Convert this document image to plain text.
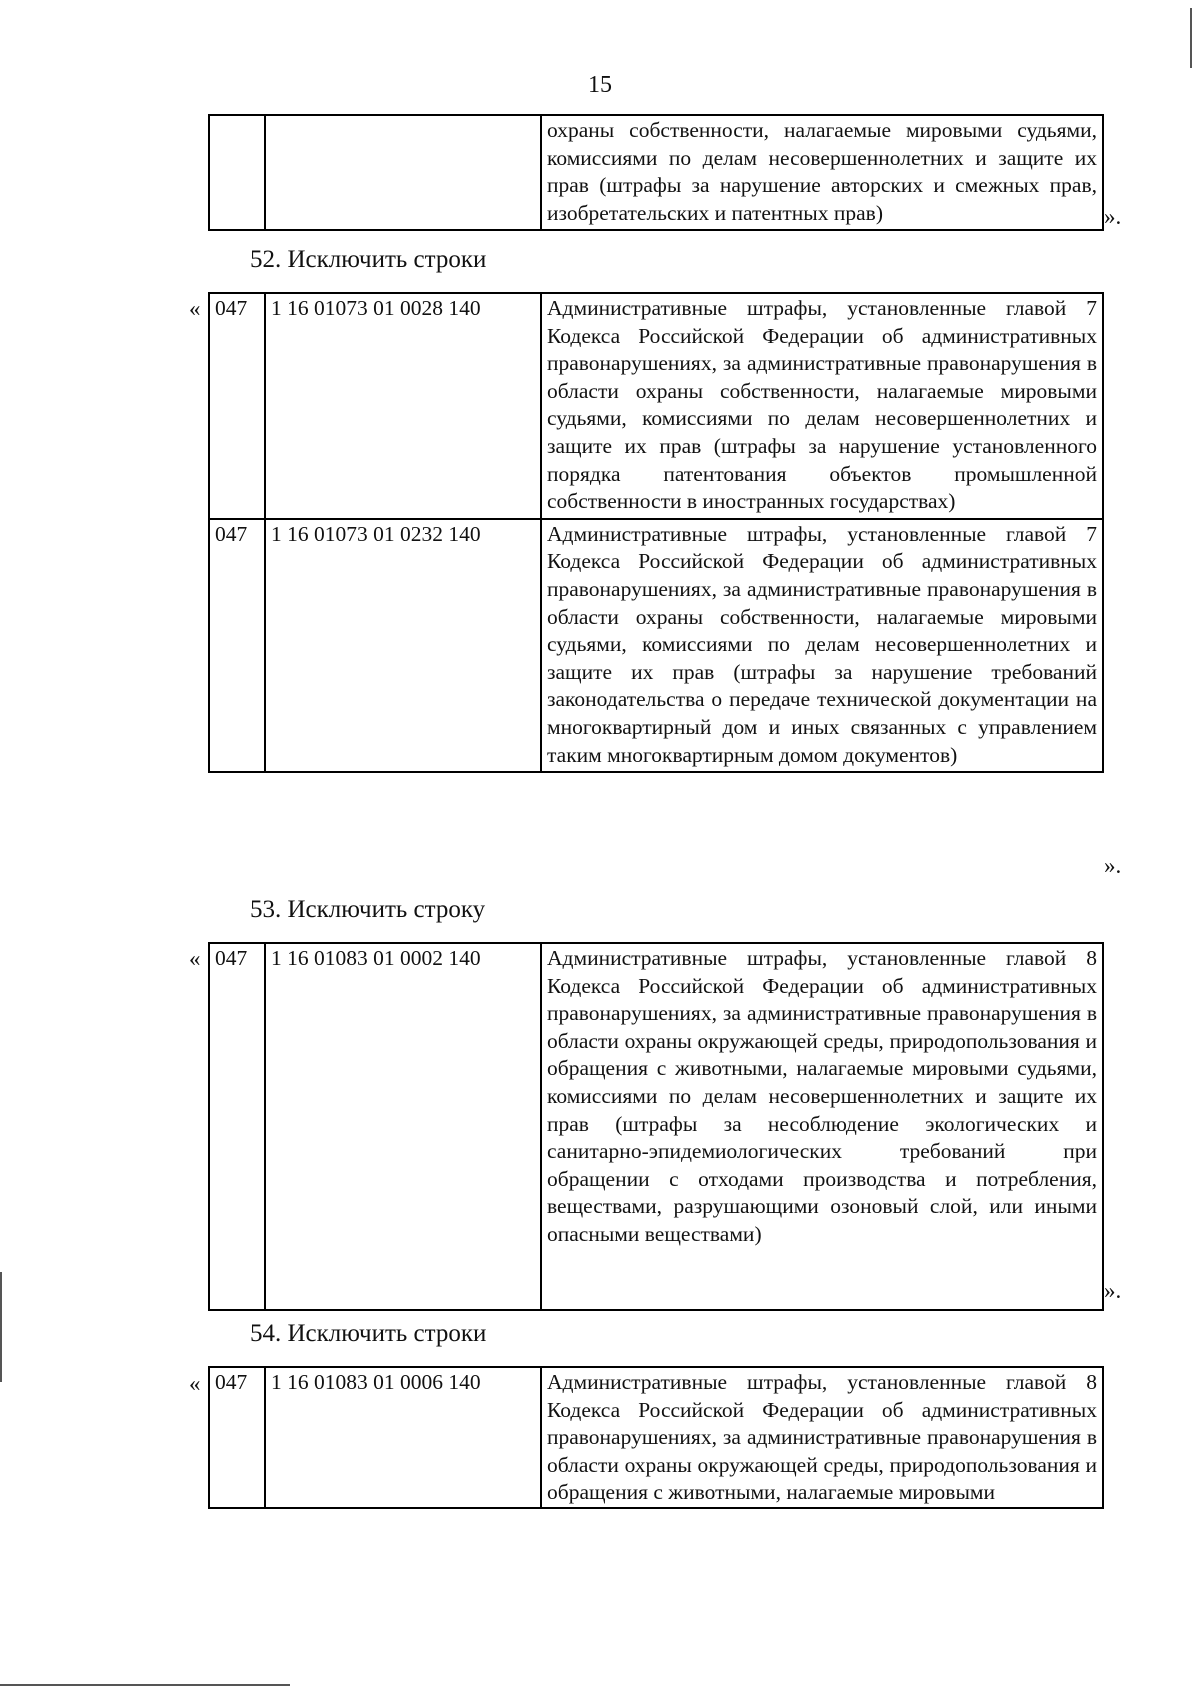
15
		охраны собственности, налагаемые мировыми судьями, комиссиями по делам несовершеннолетних и защите их прав (штрафы за нарушение авторских и смежных прав, изобретательских и патентных прав)	».
52. Исключить строки
« 047	1 16 01073 01 0028 140	Административные штрафы, установленные главой 7 Кодекса Российской Федерации об административных правонарушениях, за административные правонарушения в области охраны собственности, налагаемые мировыми судьями, комиссиями по делам несовершеннолетних и защите их прав (штрафы за нарушение установленного порядка патентования объектов промышленной собственности в иностранных государствах)
047	1 16 01073 01 0232 140	Административные штрафы, установленные главой 7 Кодекса Российской Федерации об административных правонарушениях, за административные правонарушения в области охраны собственности, налагаемые мировыми судьями, комиссиями по делам несовершеннолетних и защите их прав (штрафы за нарушение требований законодательства о передаче технической документации на многоквартирный дом и иных связанных с управлением таким многоквартирным домом документов)
».
53. Исключить строку
« 047	1 16 01083 01 0002 140	Административные штрафы, установленные главой 8 Кодекса Российской Федерации об административных правонарушениях, за административные правонарушения в области охраны окружающей среды, природопользования и обращения с животными, налагаемые мировыми судьями, комиссиями по делам несовершеннолетних и защите их прав (штрафы за несоблюдение экологических и санитарно-эпидемиологических требований при обращении с отходами производства и потребления, веществами, разрушающими озоновый слой, или иными опасными веществами)
».
54. Исключить строки
« 047	1 16 01083 01 0006 140	Административные штрафы, установленные главой 8 Кодекса Российской Федерации об административных правонарушениях, за административные правонарушения в области охраны окружающей среды, природопользования и обращения с животными, налагаемые мировыми
